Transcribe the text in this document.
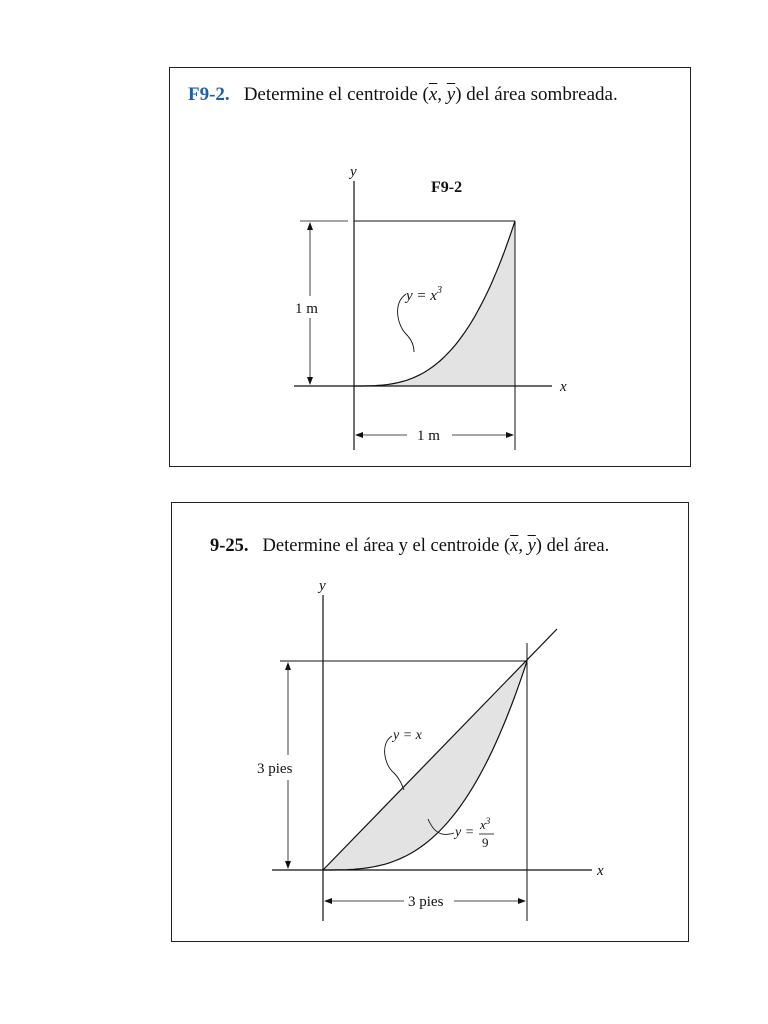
F9-2. Determine el centroide ($\overline{x}$, $\overline{y}$) del área sombreada.
1 m
1 m
y
x
F9-2
$y = x^3$
9-25. Determine el área y el centroide ($\overline{x}$, $\overline{y}$) del área.
3 pies
3 pies
y
x
y = x
y =
$x^3$
9
